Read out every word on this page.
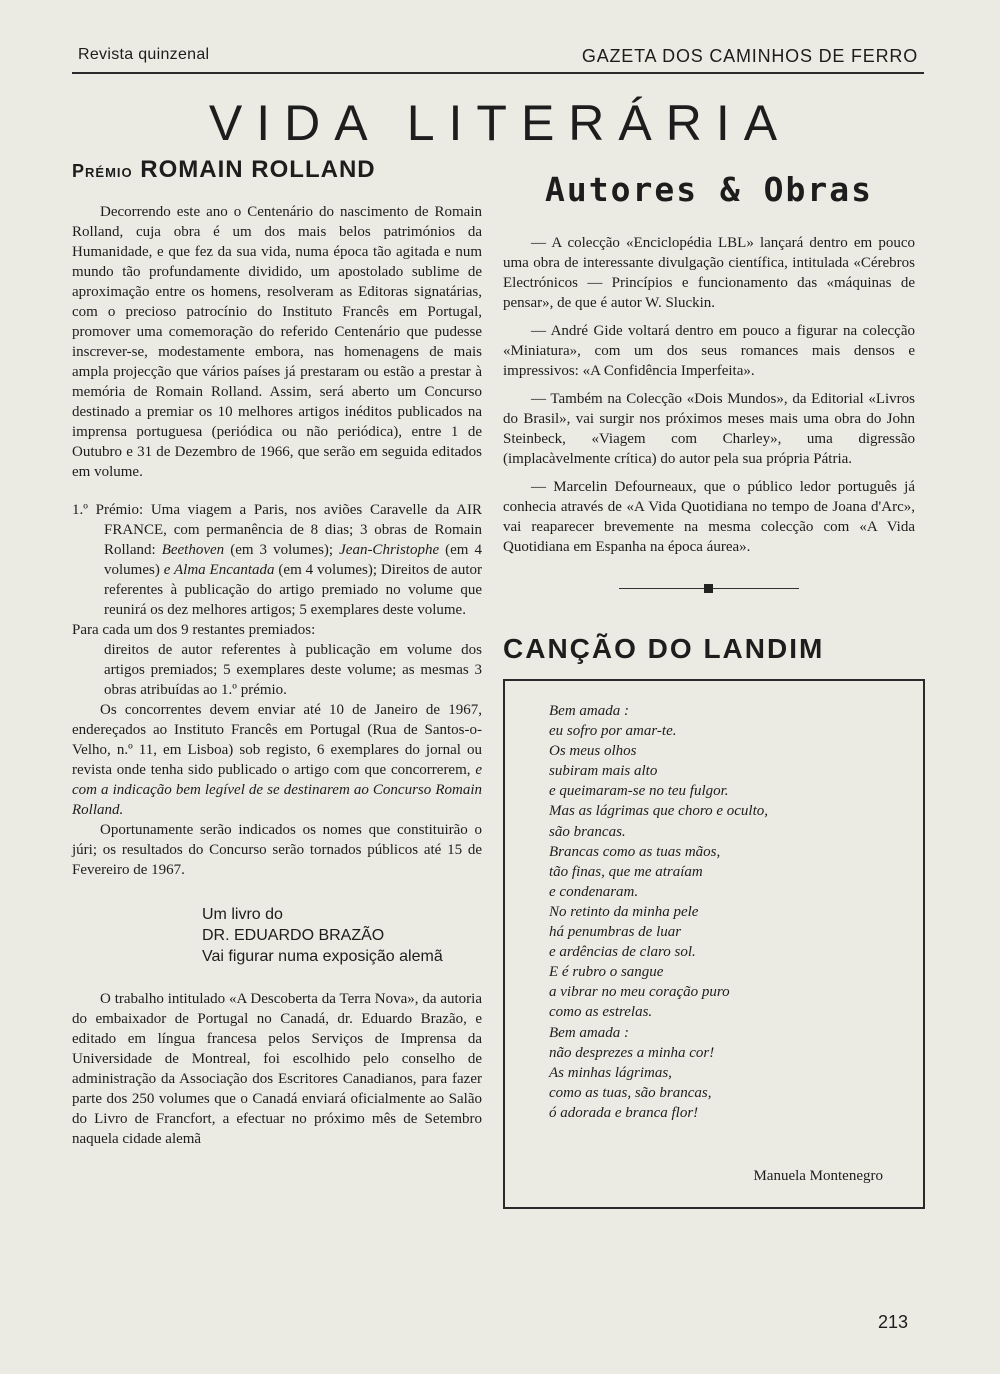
Revista quinzenal	GAZETA DOS CAMINHOS DE FERRO
VIDA LITERÁRIA
Prémio ROMAIN ROLLAND

Decorrendo este ano o Centenário do nascimento de Romain Rolland, cuja obra é um dos mais belos patrimónios da Humanidade, e que fez da sua vida, numa época tão agitada e num mundo tão profundamente dividido, um apostolado sublime de aproximação entre os homens, resolveram as Editoras signatárias, com o precioso patrocínio do Instituto Francês em Portugal, promover uma comemoração do referido Centenário que pudesse inscrever-se, modestamente embora, nas homenagens de mais ampla projecção que vários países já prestaram ou estão a prestar à memória de Romain Rolland. Assim, será aberto um Concurso destinado a premiar os 10 melhores artigos inéditos publicados na imprensa portuguesa (periódica ou não periódica), entre 1 de Outubro e 31 de Dezembro de 1966, que serão em seguida editados em volume.

1.º Prémio: Uma viagem a Paris, nos aviões Caravelle da AIR FRANCE, com permanência de 8 dias; 3 obras de Romain Rolland: Beethoven (em 3 volumes); Jean-Christophe (em 4 volumes) e Alma Encantada (em 4 volumes); Direitos de autor referentes à publicação do artigo premiado no volume que reunirá os dez melhores artigos; 5 exemplares deste volume.

Para cada um dos 9 restantes premiados:

direitos de autor referentes à publicação em volume dos artigos premiados; 5 exemplares deste volume; as mesmas 3 obras atribuídas ao 1.º prémio.

Os concorrentes devem enviar até 10 de Janeiro de 1967, endereçados ao Instituto Francês em Portugal (Rua de Santos-o-Velho, n.º 11, em Lisboa) sob registo, 6 exemplares do jornal ou revista onde tenha sido publicado o artigo com que concorrerem, e com a indicação bem legível de se destinarem ao Concurso Romain Rolland.

Oportunamente serão indicados os nomes que constituirão o júri; os resultados do Concurso serão tornados públicos até 15 de Fevereiro de 1967.

Um livro do
DR. EDUARDO BRAZÃO
Vai figurar numa exposição alemã

O trabalho intitulado «A Descoberta da Terra Nova», da autoria do embaixador de Portugal no Canadá, dr. Eduardo Brazão, e editado em língua francesa pelos Serviços de Imprensa da Universidade de Montreal, foi escolhido pelo conselho de administração da Associação dos Escritores Canadianos, para fazer parte dos 250 volumes que o Canadá enviará oficialmente ao Salão do Livro de Francfort, a efectuar no próximo mês de Setembro naquela cidade alemã

Autores & Obras

— A colecção «Enciclopédia LBL» lançará dentro em pouco uma obra de interessante divulgação científica, intitulada «Cérebros Electrónicos — Princípios e funcionamento das «máquinas de pensar», de que é autor W. Sluckin.

— André Gide voltará dentro em pouco a figurar na colecção «Miniatura», com um dos seus romances mais densos e impressivos: «A Confidência Imperfeita».

— Também na Colecção «Dois Mundos», da Editorial «Livros do Brasil», vai surgir nos próximos meses mais uma obra do John Steinbeck, «Viagem com Charley», uma digressão (implacàvelmente crítica) do autor pela sua própria Pátria.

— Marcelin Defourneaux, que o público ledor português já conhecia através de «A Vida Quotidiana no tempo de Joana d'Arc», vai reaparecer brevemente na mesma colecção com «A Vida Quotidiana em Espanha na época áurea».

CANÇÃO DO LANDIM
Bem amada :
eu sofro por amar-te.
Os meus olhos
subiram mais alto
e queimaram-se no teu fulgor.
Mas as lágrimas que choro e oculto,
são brancas.
Brancas como as tuas mãos,
tão finas, que me atraíam
e condenaram.
No retinto da minha pele
há penumbras de luar
e ardências de claro sol.
E é rubro o sangue
a vibrar no meu coração puro
como as estrelas.
Bem amada :
não desprezes a minha cor!
As minhas lágrimas,
como as tuas, são brancas,
ó adorada e branca flor!
Manuela Montenegro
213
